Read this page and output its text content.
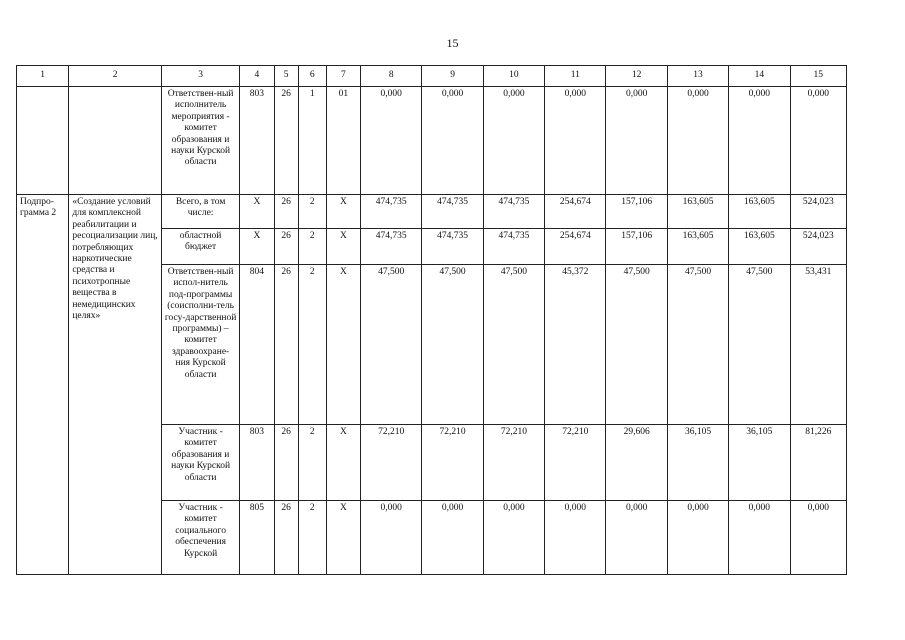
15
1	2	3	4	5	6	7	8	9	10	11	12	13	14	15
		Ответствен-ный исполнитель мероприятия - комитет образования и науки Курской области	803	26	1	01	0,000	0,000	0,000	0,000	0,000	0,000	0,000	0,000
Подпро-грамма 2	«Создание условий для комплексной реабилитации и ресоциализации лиц, потребляющих наркотические средства и психотропные вещества в немедицинских целях»	Всего, в том числе:	Х	26	2	Х	474,735	474,735	474,735	254,674	157,106	163,605	163,605	524,023
		областной бюджет	Х	26	2	Х	474,735	474,735	474,735	254,674	157,106	163,605	163,605	524,023
		Ответствен-ный испол-нитель под-программы (соисполни-тель госу-дарственной программы) – комитет здравоохране-ния Курской области	804	26	2	Х	47,500	47,500	47,500	45,372	47,500	47,500	47,500	53,431
		Участник - комитет образования и науки Курской области	803	26	2	Х	72,210	72,210	72,210	72,210	29,606	36,105	36,105	81,226
		Участник - комитет социального обеспечения Курской	805	26	2	Х	0,000	0,000	0,000	0,000	0,000	0,000	0,000	0,000
